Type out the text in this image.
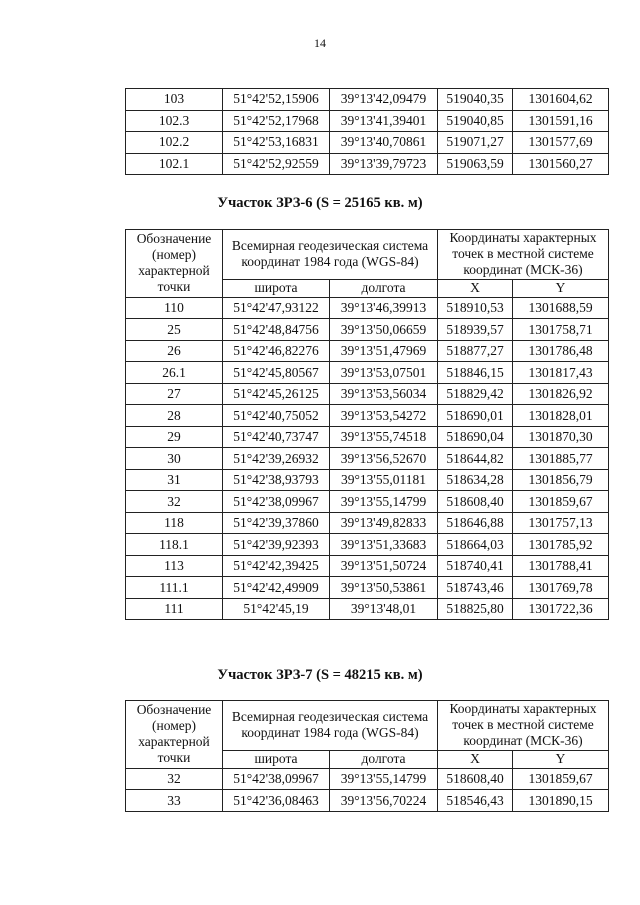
14
103	51°42'52,15906	39°13'42,09479	519040,35	1301604,62
102.3	51°42'52,17968	39°13'41,39401	519040,85	1301591,16
102.2	51°42'53,16831	39°13'40,70861	519071,27	1301577,69
102.1	51°42'52,92559	39°13'39,79723	519063,59	1301560,27
Участок ЗРЗ-6 (S = 25165 кв. м)
Обозначение (номер) характерной точки	Всемирная геодезическая система координат 1984 года (WGS-84)		Координаты характерных точек в местной системе координат (МСК-36)	
	широта	долгота	X	Y
110	51°42'47,93122	39°13'46,39913	518910,53	1301688,59
25	51°42'48,84756	39°13'50,06659	518939,57	1301758,71
26	51°42'46,82276	39°13'51,47969	518877,27	1301786,48
26.1	51°42'45,80567	39°13'53,07501	518846,15	1301817,43
27	51°42'45,26125	39°13'53,56034	518829,42	1301826,92
28	51°42'40,75052	39°13'53,54272	518690,01	1301828,01
29	51°42'40,73747	39°13'55,74518	518690,04	1301870,30
30	51°42'39,26932	39°13'56,52670	518644,82	1301885,77
31	51°42'38,93793	39°13'55,01181	518634,28	1301856,79
32	51°42'38,09967	39°13'55,14799	518608,40	1301859,67
118	51°42'39,37860	39°13'49,82833	518646,88	1301757,13
118.1	51°42'39,92393	39°13'51,33683	518664,03	1301785,92
113	51°42'42,39425	39°13'51,50724	518740,41	1301788,41
111.1	51°42'42,49909	39°13'50,53861	518743,46	1301769,78
111	51°42'45,19	39°13'48,01	518825,80	1301722,36
Участок ЗРЗ-7 (S = 48215 кв. м)
Обозначение (номер) характерной точки	Всемирная геодезическая система координат 1984 года (WGS-84)		Координаты характерных точек в местной системе координат (МСК-36)	
	широта	долгота	X	Y
32	51°42'38,09967	39°13'55,14799	518608,40	1301859,67
33	51°42'36,08463	39°13'56,70224	518546,43	1301890,15
